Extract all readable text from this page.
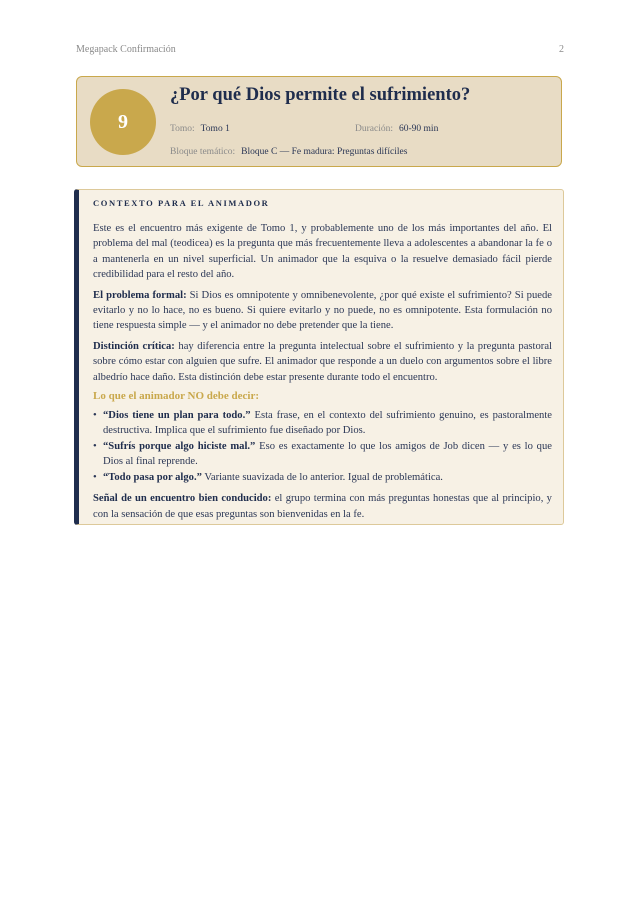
Megapack Confirmación	2
9
¿Por qué Dios permite el sufrimiento?
Tomo: Tomo 1	Duración: 60-90 min
Bloque temático: Bloque C — Fe madura: Preguntas difíciles
CONTEXTO PARA EL ANIMADOR

Este es el encuentro más exigente de Tomo 1, y probablemente uno de los más importantes del año. El problema del mal (teodicea) es la pregunta que más frecuentemente lleva a adolescentes a abandonar la fe o a mantenerla en un nivel superficial. Un animador que la esquiva o la resuelve demasiado fácil pierde credibilidad para el resto del año.

El problema formal: Si Dios es omnipotente y omnibenevolente, ¿por qué existe el sufrimiento? Si puede evitarlo y no lo hace, no es bueno. Si quiere evitarlo y no puede, no es omnipotente. Esta formulación no tiene respuesta simple — y el animador no debe pretender que la tiene.

Distinción crítica: hay diferencia entre la pregunta intelectual sobre el sufrimiento y la pregunta pastoral sobre cómo estar con alguien que sufre. El animador que responde a un duelo con argumentos sobre el libre albedrío hace daño. Esta distinción debe estar presente durante todo el encuentro.

Lo que el animador NO debe decir:
• “Dios tiene un plan para todo.” Esta frase, en el contexto del sufrimiento genuino, es pastoralmente destructiva. Implica que el sufrimiento fue diseñado por Dios.
• “Sufrís porque algo hiciste mal.” Eso es exactamente lo que los amigos de Job dicen — y es lo que Dios al final reprende.
• “Todo pasa por algo.” Variante suavizada de lo anterior. Igual de problemática.

Señal de un encuentro bien conducido: el grupo termina con más preguntas honestas que al principio, y con la sensación de que esas preguntas son bienvenidas en la fe.
